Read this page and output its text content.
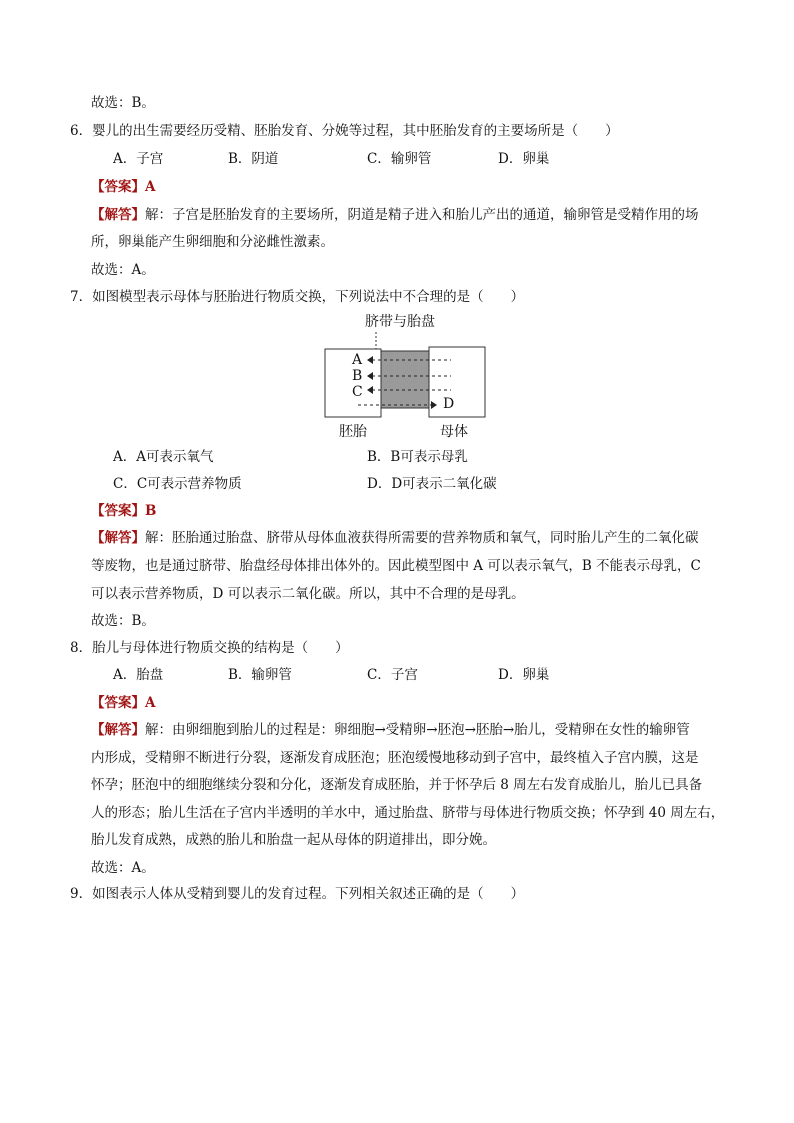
故选：B。
6．婴儿的出生需要经历受精、胚胎发育、分娩等过程，其中胚胎发育的主要场所是（　　）
A．子宫	B．阴道	C．输卵管	D．卵巢
【答案】A
【解答】解：子宫是胚胎发育的主要场所，阴道是精子进入和胎儿产出的通道，输卵管是受精作用的场
所，卵巢能产生卵细胞和分泌雌性激素。
故选：A。
7．如图模型表示母体与胚胎进行物质交换，下列说法中不合理的是（　　）
脐带与胎盘
A
B
C
D
胚胎	母体
A．A可表示氧气	B．B可表示母乳
C．C可表示营养物质	D．D可表示二氧化碳
【答案】B
【解答】解：胚胎通过胎盘、脐带从母体血液获得所需要的营养物质和氧气，同时胎儿产生的二氧化碳
等废物，也是通过脐带、胎盘经母体排出体外的。因此模型图中 A 可以表示氧气，B 不能表示母乳，C
可以表示营养物质，D 可以表示二氧化碳。所以，其中不合理的是母乳。
故选：B。
8．胎儿与母体进行物质交换的结构是（　　）
A．胎盘	B．输卵管	C．子宫	D．卵巢
【答案】A
【解答】解：由卵细胞到胎儿的过程是：卵细胞→受精卵→胚泡→胚胎→胎儿，受精卵在女性的输卵管
内形成，受精卵不断进行分裂，逐渐发育成胚泡；胚泡缓慢地移动到子宫中，最终植入子宫内膜，这是
怀孕；胚泡中的细胞继续分裂和分化，逐渐发育成胚胎，并于怀孕后 8 周左右发育成胎儿，胎儿已具备
人的形态；胎儿生活在子宫内半透明的羊水中，通过胎盘、脐带与母体进行物质交换；怀孕到 40 周左右，
胎儿发育成熟，成熟的胎儿和胎盘一起从母体的阴道排出，即分娩。
故选：A。
9．如图表示人体从受精到婴儿的发育过程。下列相关叙述正确的是（　　）
